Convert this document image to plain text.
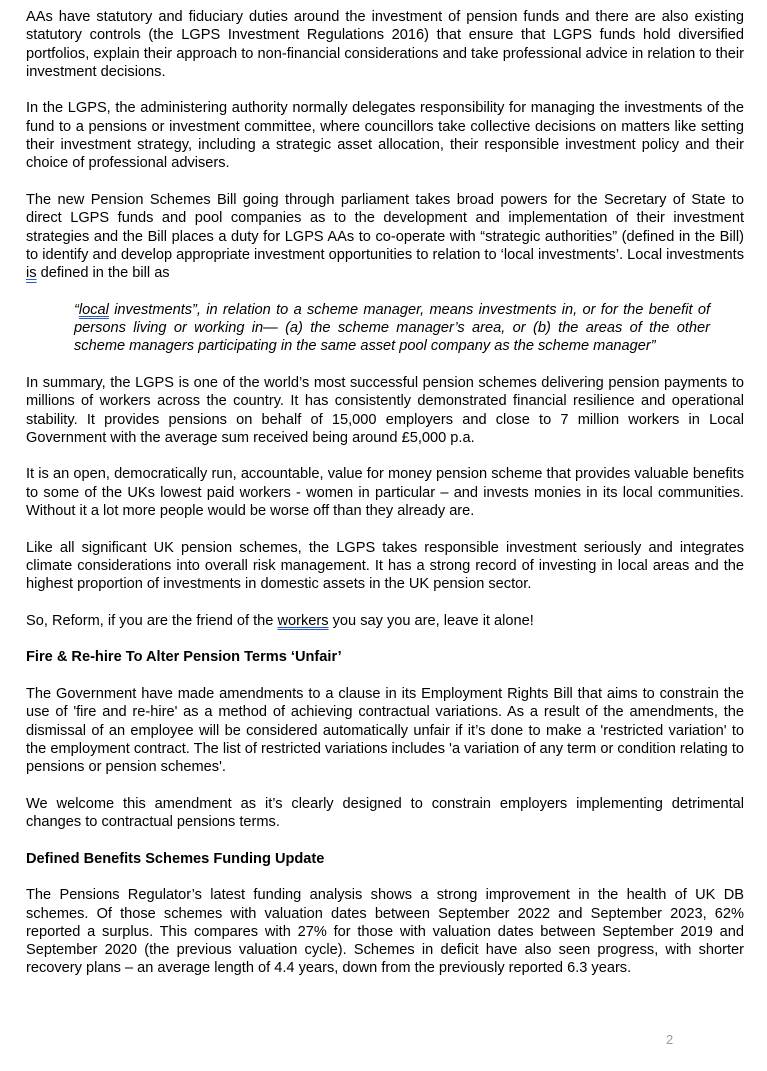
AAs have statutory and fiduciary duties around the investment of pension funds and there are also existing statutory controls (the LGPS Investment Regulations 2016) that ensure that LGPS funds hold diversified portfolios, explain their approach to non-financial considerations and take professional advice in relation to their investment decisions.

In the LGPS, the administering authority normally delegates responsibility for managing the investments of the fund to a pensions or investment committee, where councillors take collective decisions on matters like setting their investment strategy, including a strategic asset allocation, their responsible investment policy and their choice of professional advisers.

The new Pension Schemes Bill going through parliament takes broad powers for the Secretary of State to direct LGPS funds and pool companies as to the development and implementation of their investment strategies and the Bill places a duty for LGPS AAs to co-operate with “strategic authorities” (defined in the Bill) to identify and develop appropriate investment opportunities to relation to ‘local investments’. Local investments is defined in the bill as

“local investments”, in relation to a scheme manager, means investments in, or for the benefit of persons living or working in— (a) the scheme manager’s area, or (b) the areas of the other scheme managers participating in the same asset pool company as the scheme manager”

In summary, the LGPS is one of the world’s most successful pension schemes delivering pension payments to millions of workers across the country. It has consistently demonstrated financial resilience and operational stability. It provides pensions on behalf of 15,000 employers and close to 7 million workers in Local Government with the average sum received being around £5,000 p.a.

It is an open, democratically run, accountable, value for money pension scheme that provides valuable benefits to some of the UKs lowest paid workers - women in particular – and invests monies in its local communities. Without it a lot more people would be worse off than they already are.

Like all significant UK pension schemes, the LGPS takes responsible investment seriously and integrates climate considerations into overall risk management. It has a strong record of investing in local areas and the highest proportion of investments in domestic assets in the UK pension sector.

So, Reform, if you are the friend of the workers you say you are, leave it alone!

Fire & Re-hire To Alter Pension Terms ‘Unfair’

The Government have made amendments to a clause in its Employment Rights Bill that aims to constrain the use of 'fire and re-hire' as a method of achieving contractual variations. As a result of the amendments, the dismissal of an employee will be considered automatically unfair if it’s done to make a 'restricted variation' to the employment contract. The list of restricted variations includes 'a variation of any term or condition relating to pensions or pension schemes'.

We welcome this amendment as it’s clearly designed to constrain employers implementing detrimental changes to contractual pensions terms.

Defined Benefits Schemes Funding Update

The Pensions Regulator’s latest funding analysis shows a strong improvement in the health of UK DB schemes. Of those schemes with valuation dates between September 2022 and September 2023, 62% reported a surplus. This compares with 27% for those with valuation dates between September 2019 and September 2020 (the previous valuation cycle). Schemes in deficit have also seen progress, with shorter recovery plans – an average length of 4.4 years, down from the previously reported 6.3 years.

2
